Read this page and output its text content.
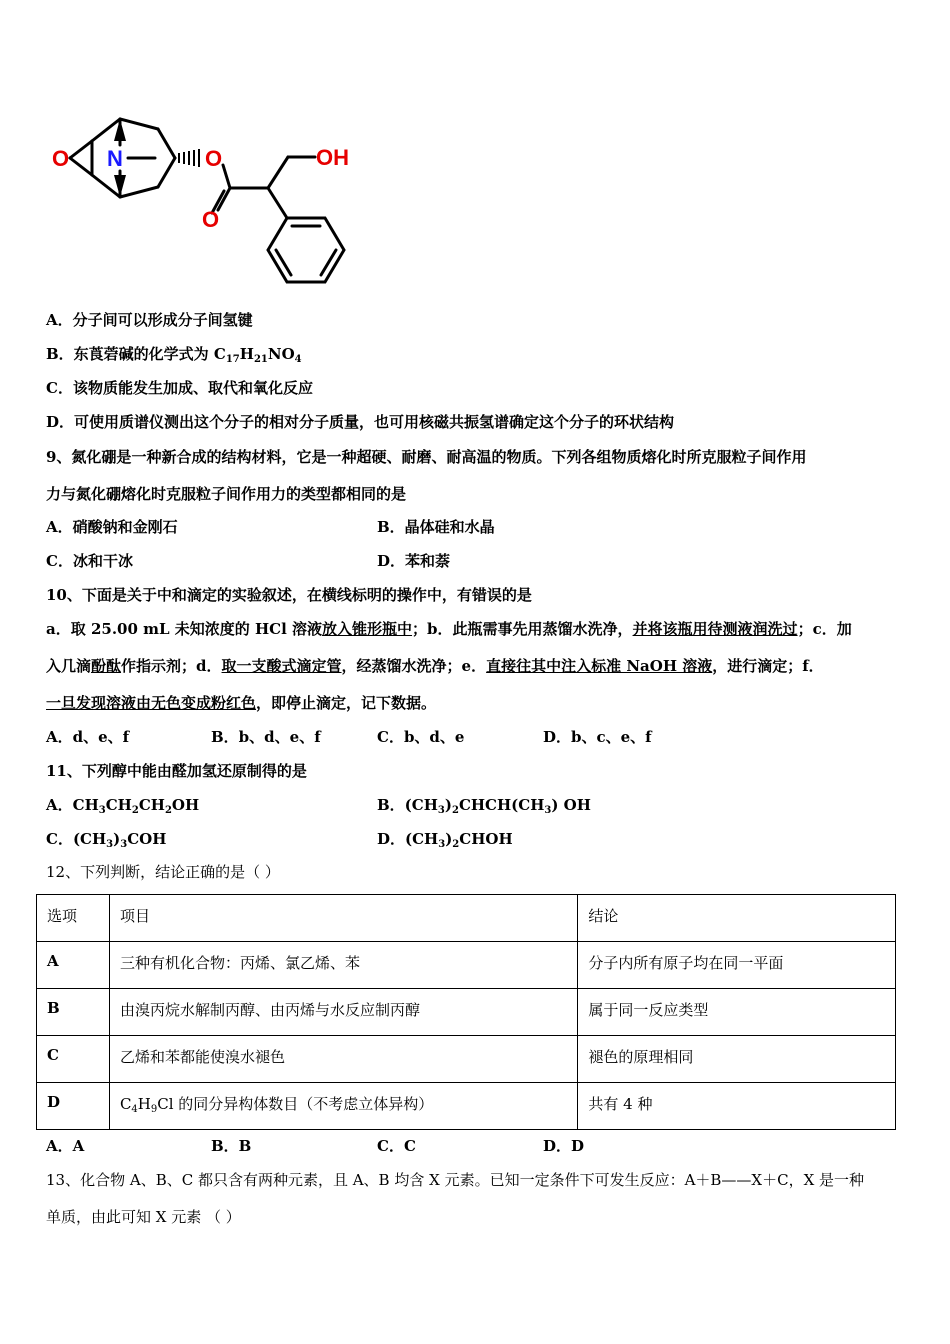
O N	O
O
OH
A．分子间可以形成分子间氢键
B．东莨菪碱的化学式为 $C_{17}H_{21}NO_4$
C．该物质能发生加成、取代和氧化反应
D．可使用质谱仪测出这个分子的相对分子质量，也可用核磁共振氢谱确定这个分子的环状结构
9、氮化硼是一种新合成的结构材料，它是一种超硬、耐磨、耐高温的物质。下列各组物质熔化时所克服粒子间作用
力与氮化硼熔化时克服粒子间作用力的类型都相同的是
A．硝酸钠和金刚石	B．晶体硅和水晶
C．冰和干冰	D．苯和萘
10、下面是关于中和滴定的实验叙述，在横线标明的操作中，有错误的是
a．取 25.00 mL 未知浓度的 HCl 溶液放入锥形瓶中；b．此瓶需事先用蒸馏水洗净，并将该瓶用待测液润洗过；c．加
入几滴酚酞作指示剂；d．取一支酸式滴定管，经蒸馏水洗净；e．直接往其中注入标准 NaOH 溶液，进行滴定；f．
一旦发现溶液由无色变成粉红色，即停止滴定，记下数据。
A．d、e、f	B．b、d、e、f	C．b、d、e	D．b、c、e、f
11、下列醇中能由醛加氢还原制得的是
A．$CH_3CH_2CH_2OH$	B．$(CH_3)_2CHCH(CH_3)$ OH
C．$(CH_3)_3COH$	D．$(CH_3)_2CHOH$
12、下列判断，结论正确的是（ ）
选项	项目	结论
A	三种有机化合物：丙烯、氯乙烯、苯	分子内所有原子均在同一平面
B	由溴丙烷水解制丙醇、由丙烯与水反应制丙醇	属于同一反应类型
C	乙烯和苯都能使溴水褪色	褪色的原理相同
D	$C_4H_9Cl$ 的同分异构体数目（不考虑立体异构）	共有 4 种
A．A	B．B	C．C	D．D
13、化合物 A、B、C 都只含有两种元素，且 A、B 均含 X 元素。已知一定条件下可发生反应：A＋B——X＋C，X 是一种
单质，由此可知 X 元素 （ ）
